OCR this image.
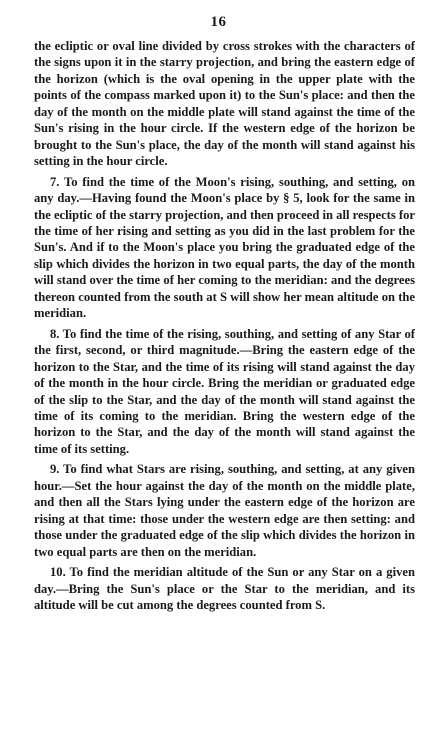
16

the ecliptic or oval line divided by cross strokes with the characters of the signs upon it in the starry projection, and bring the eastern edge of the horizon (which is the oval opening in the upper plate with the points of the compass marked upon it) to the Sun's place: and then the day of the month on the middle plate will stand against the time of the Sun's rising in the hour circle. If the western edge of the horizon be brought to the Sun's place, the day of the month will stand against his setting in the hour circle.

7. To find the time of the Moon's rising, southing, and setting, on any day.—Having found the Moon's place by § 5, look for the same in the ecliptic of the starry projection, and then proceed in all respects for the time of her rising and setting as you did in the last problem for the Sun's. And if to the Moon's place you bring the graduated edge of the slip which divides the horizon in two equal parts, the day of the month will stand over the time of her coming to the meridian: and the degrees thereon counted from the south at S will show her mean altitude on the meridian.

8. To find the time of the rising, southing, and setting of any Star of the first, second, or third magnitude.—Bring the eastern edge of the horizon to the Star, and the time of its rising will stand against the day of the month in the hour circle. Bring the meridian or graduated edge of the slip to the Star, and the day of the month will stand against the time of its coming to the meridian. Bring the western edge of the horizon to the Star, and the day of the month will stand against the time of its setting.

9. To find what Stars are rising, southing, and setting, at any given hour.—Set the hour against the day of the month on the middle plate, and then all the Stars lying under the eastern edge of the horizon are rising at that time: those under the western edge are then setting: and those under the graduated edge of the slip which divides the horizon in two equal parts are then on the meridian.

10. To find the meridian altitude of the Sun or any Star on a given day.—Bring the Sun's place or the Star to the meridian, and its altitude will be cut among the degrees counted from S.
